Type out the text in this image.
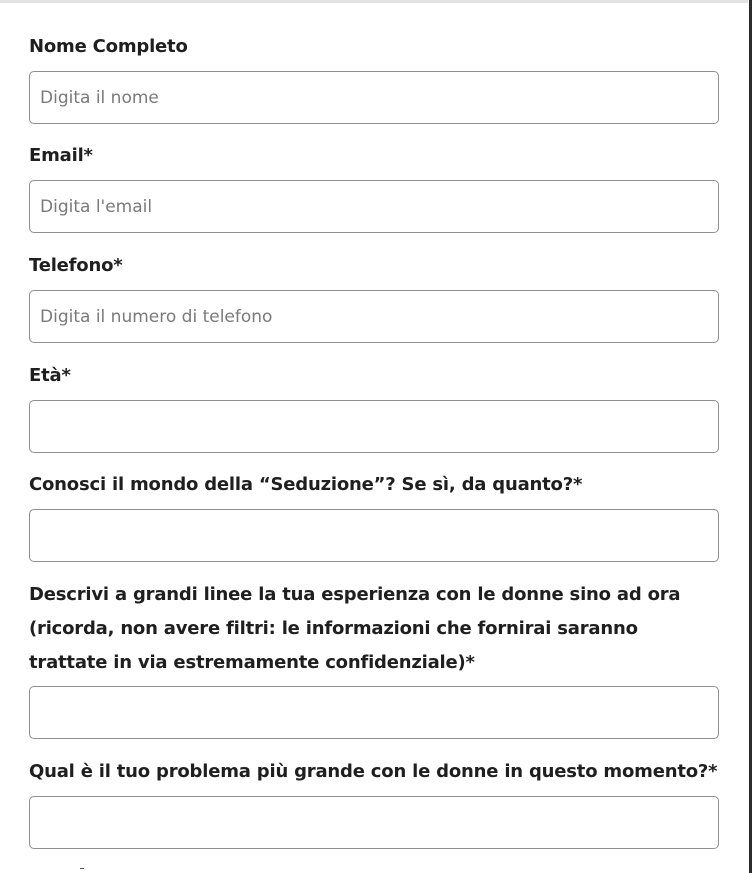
Nome Completo
Digita il nome
Email*
Digita l'email
Telefono*
Digita il numero di telefono
Età*
Conosci il mondo della “Seduzione”? Se sì, da quanto?*
Descrivi a grandi linee la tua esperienza con le donne sino ad ora (ricorda, non avere filtri: le informazioni che fornirai saranno trattate in via estremamente confidenziale)*
Qual è il tuo problema più grande con le donne in questo momento?*
